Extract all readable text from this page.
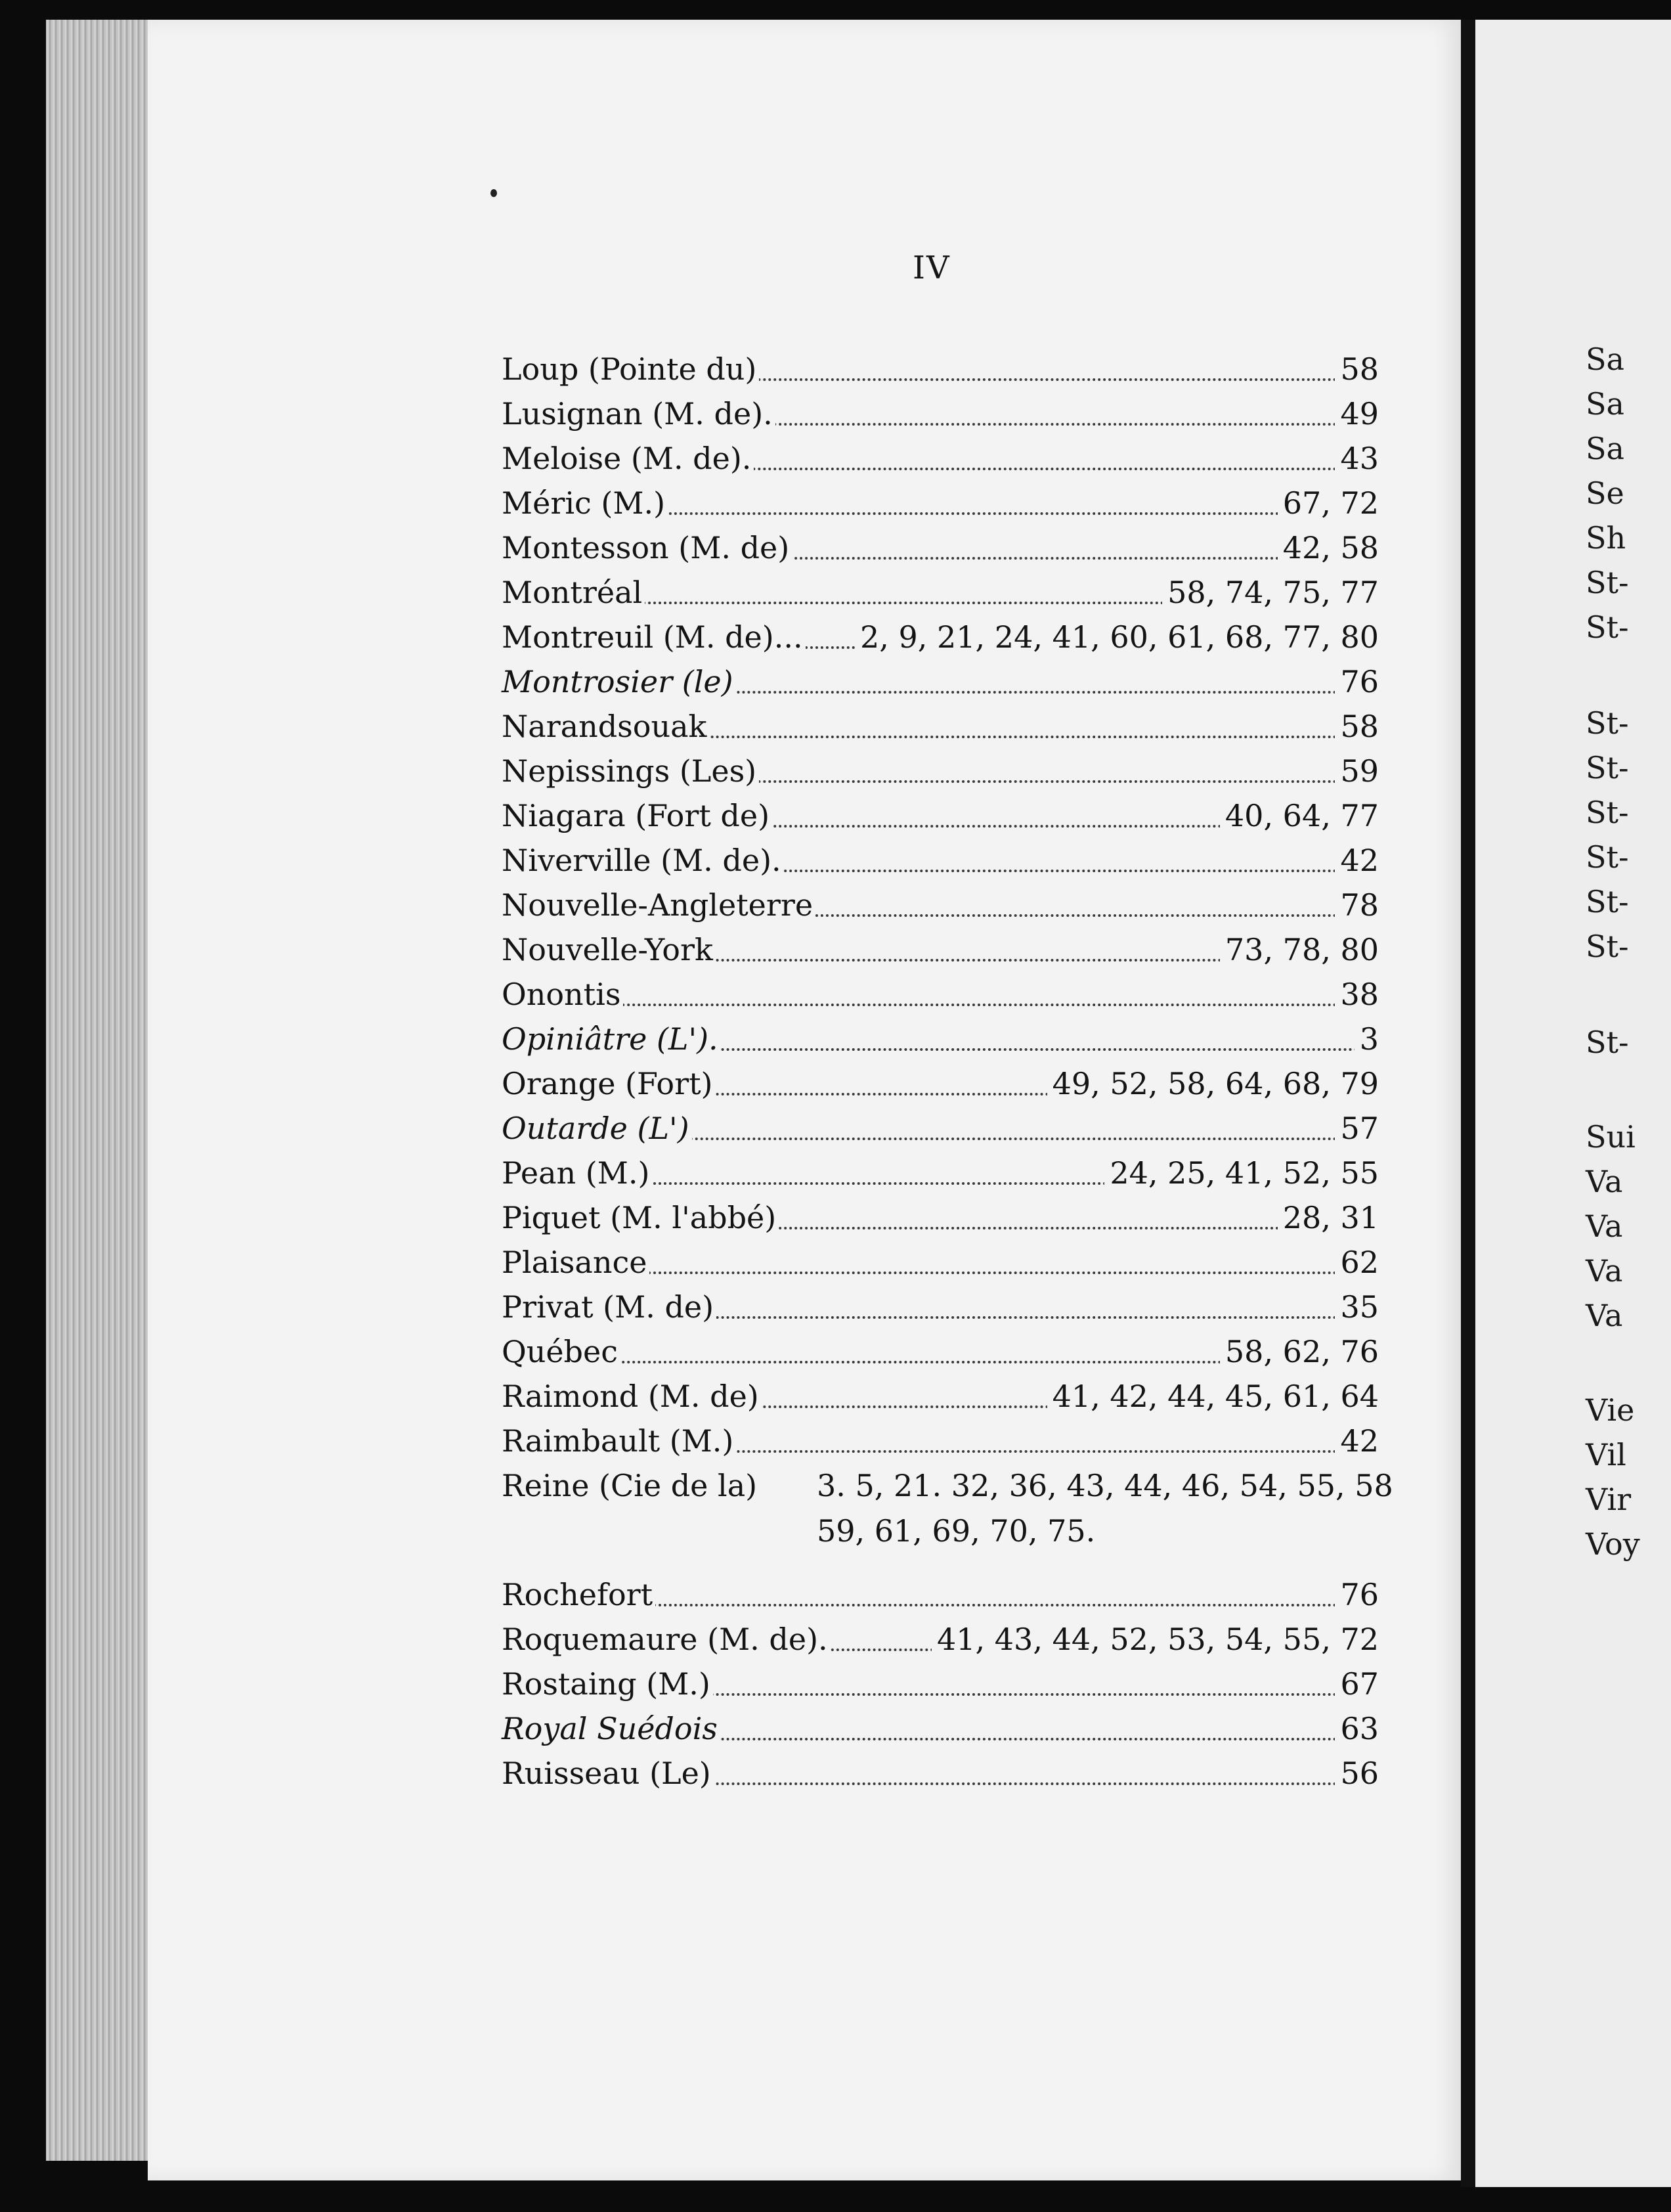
IV
Loup (Pointe du)	58
Lusignan (M. de).	49
Meloise (M. de).	43
Méric (M.)	67, 72
Montesson (M. de)	42, 58
Montréal	58, 74, 75, 77
Montreuil (M. de)... 2, 9, 21, 24, 41, 60, 61, 68, 77, 80
Montrosier (le)	76
Narandsouak	58
Nepissings (Les)	59
Niagara (Fort de)	40, 64, 77
Niverville (M. de).	42
Nouvelle-Angleterre	78
Nouvelle-York	73, 78, 80
Onontis	38
Opiniâtre (L').	3
Orange (Fort)	49, 52, 58, 64, 68, 79
Outarde (L')	57
Pean (M.)	24, 25, 41, 52, 55
Piquet (M. l'abbé)	28, 31
Plaisance	62
Privat (M. de)	35
Québec	58, 62, 76
Raimond (M. de)	41, 42, 44, 45, 61, 64
Raimbault (M.)	42
Reine (Cie de la) 3. 5, 21. 32, 36, 43, 44, 46, 54, 55, 58
59, 61, 69, 70, 75.
Rochefort	76
Roquemaure (M. de).	41, 43, 44, 52, 53, 54, 55, 72
Rostaing (M.)	67
Royal Suédois	63
Ruisseau (Le)	56
Sa
Sa
Sa
Se
Sh
St-
St-
St-
St-
St-
St-
St-
St-
St-
Sui
Va
Va
Va
Va
Vie
Vil
Vir
Voy
